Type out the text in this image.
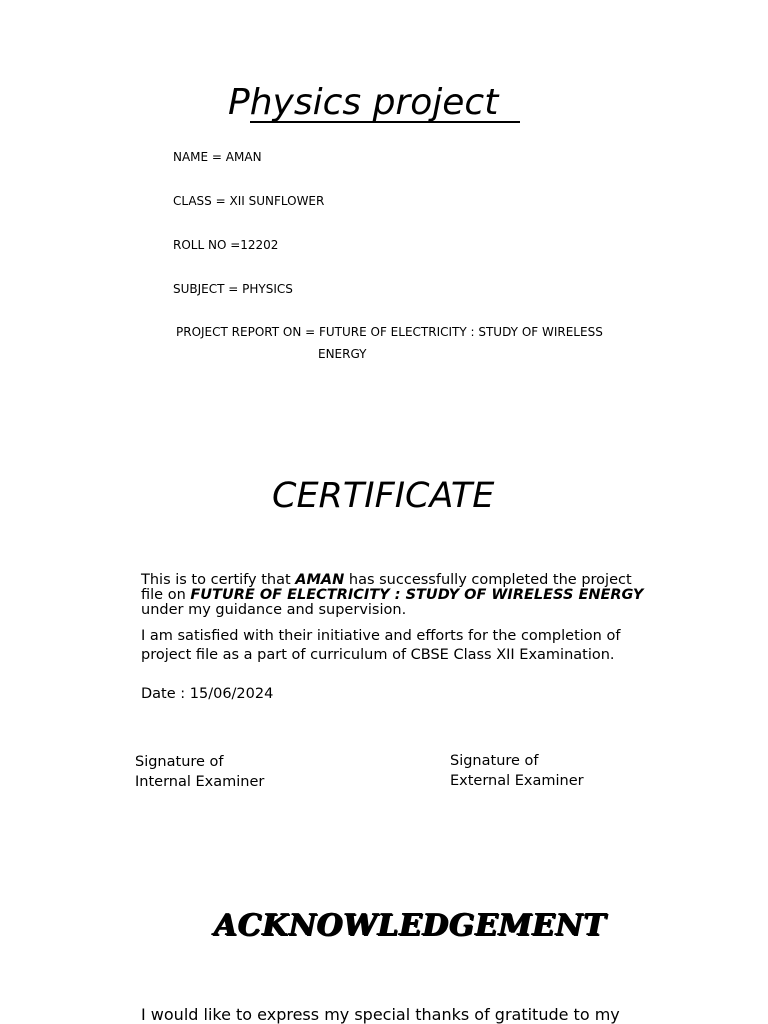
Physics project
NAME = AMAN
CLASS = XII SUNFLOWER
ROLL NO =12202
SUBJECT = PHYSICS
PROJECT REPORT ON = FUTURE OF ELECTRICITY : STUDY OF WIRELESS
ENERGY
CERTIFICATE
This is to certify that AMAN has successfully completed the project
file on FUTURE OF ELECTRICITY : STUDY OF WIRELESS ENERGY
under my guidance and supervision.
I am satisfied with their initiative and efforts for the completion of
project file as a part of curriculum of CBSE Class XII Examination.
Date : 15/06/2024
Signature of
Internal Examiner
Signature of
External Examiner
ACKNOWLEDGEMENT
I would like to express my special thanks of gratitude to my
